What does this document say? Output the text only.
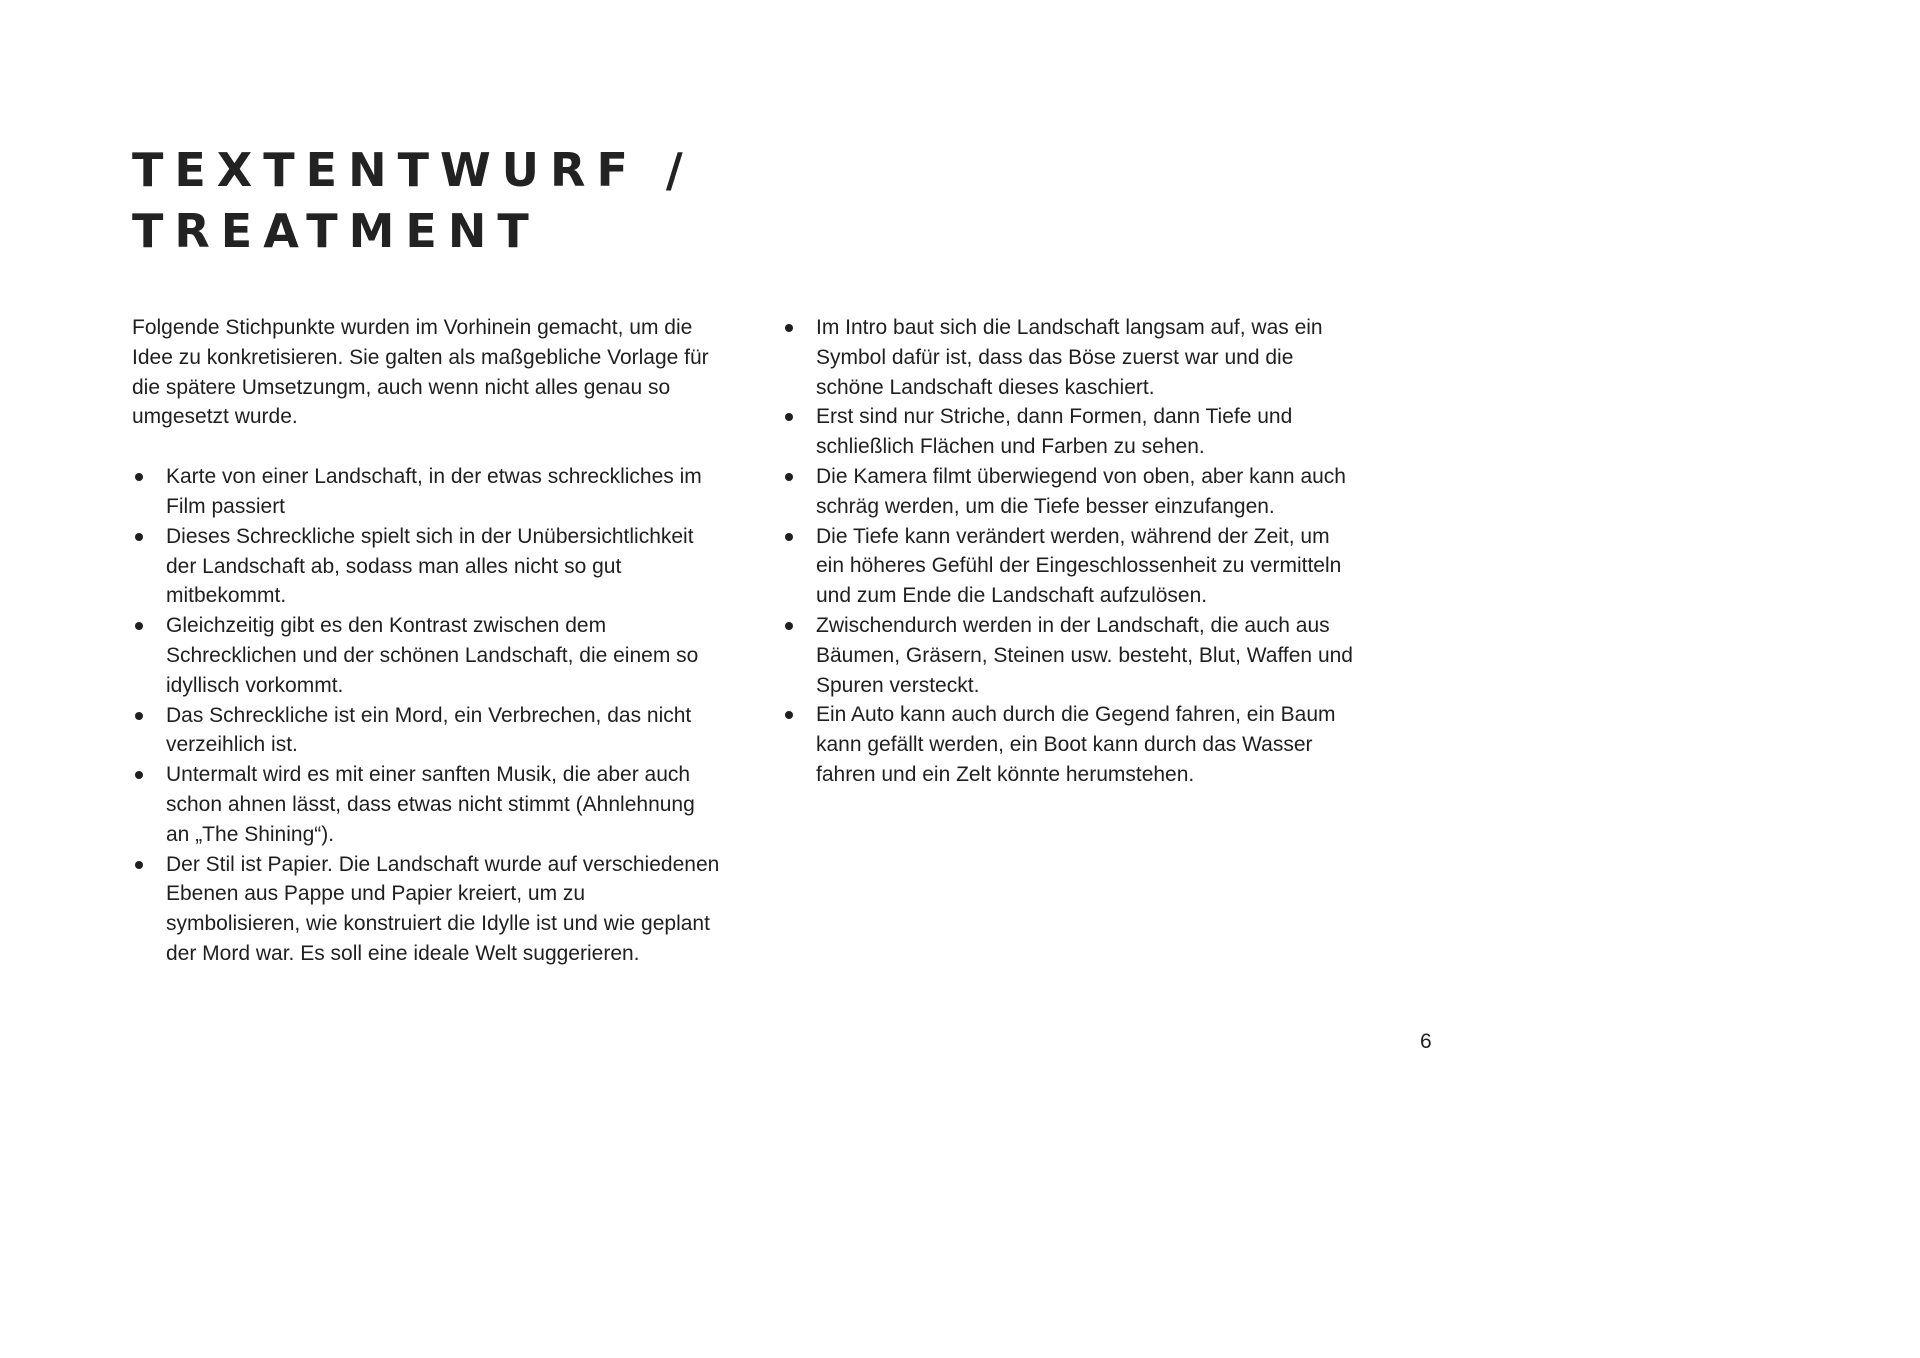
TEXTENTWURF /
TREATMENT

Folgende Stichpunkte wurden im Vorhinein gemacht, um die Idee zu konkretisieren. Sie galten als maßgebliche Vorlage für die spätere Umsetzungm, auch wenn nicht alles genau so umgesetzt wurde.

Karte von einer Landschaft, in der etwas schreckliches im Film passiert
Dieses Schreckliche spielt sich in der Unübersichtlichkeit der Landschaft ab, sodass man alles nicht so gut mitbekommt.
Gleichzeitig gibt es den Kontrast zwischen dem Schrecklichen und der schönen Landschaft, die einem so idyllisch vorkommt.
Das Schreckliche ist ein Mord, ein Verbrechen, das nicht verzeihlich ist.
Untermalt wird es mit einer sanften Musik, die aber auch schon ahnen lässt, dass etwas nicht stimmt (Ahnlehnung an „The Shining“).
Der Stil ist Papier. Die Landschaft wurde auf verschiedenen Ebenen aus Pappe und Papier kreiert, um zu symbolisieren, wie konstruiert die Idylle ist und wie geplant der Mord war. Es soll eine ideale Welt suggerieren.
Im Intro baut sich die Landschaft langsam auf, was ein Symbol dafür ist, dass das Böse zuerst war und die schöne Landschaft dieses kaschiert.
Erst sind nur Striche, dann Formen, dann Tiefe und schließlich Flächen und Farben zu sehen.
Die Kamera filmt überwiegend von oben, aber kann auch schräg werden, um die Tiefe besser einzufangen.
Die Tiefe kann verändert werden, während der Zeit, um ein höheres Gefühl der Eingeschlossenheit zu vermitteln und zum Ende die Landschaft aufzulösen.
Zwischendurch werden in der Landschaft, die auch aus Bäumen, Gräsern, Steinen usw. besteht, Blut, Waffen und Spuren versteckt.
Ein Auto kann auch durch die Gegend fahren, ein Baum kann gefällt werden, ein Boot kann durch das Wasser fahren und ein Zelt könnte herumstehen.
6
